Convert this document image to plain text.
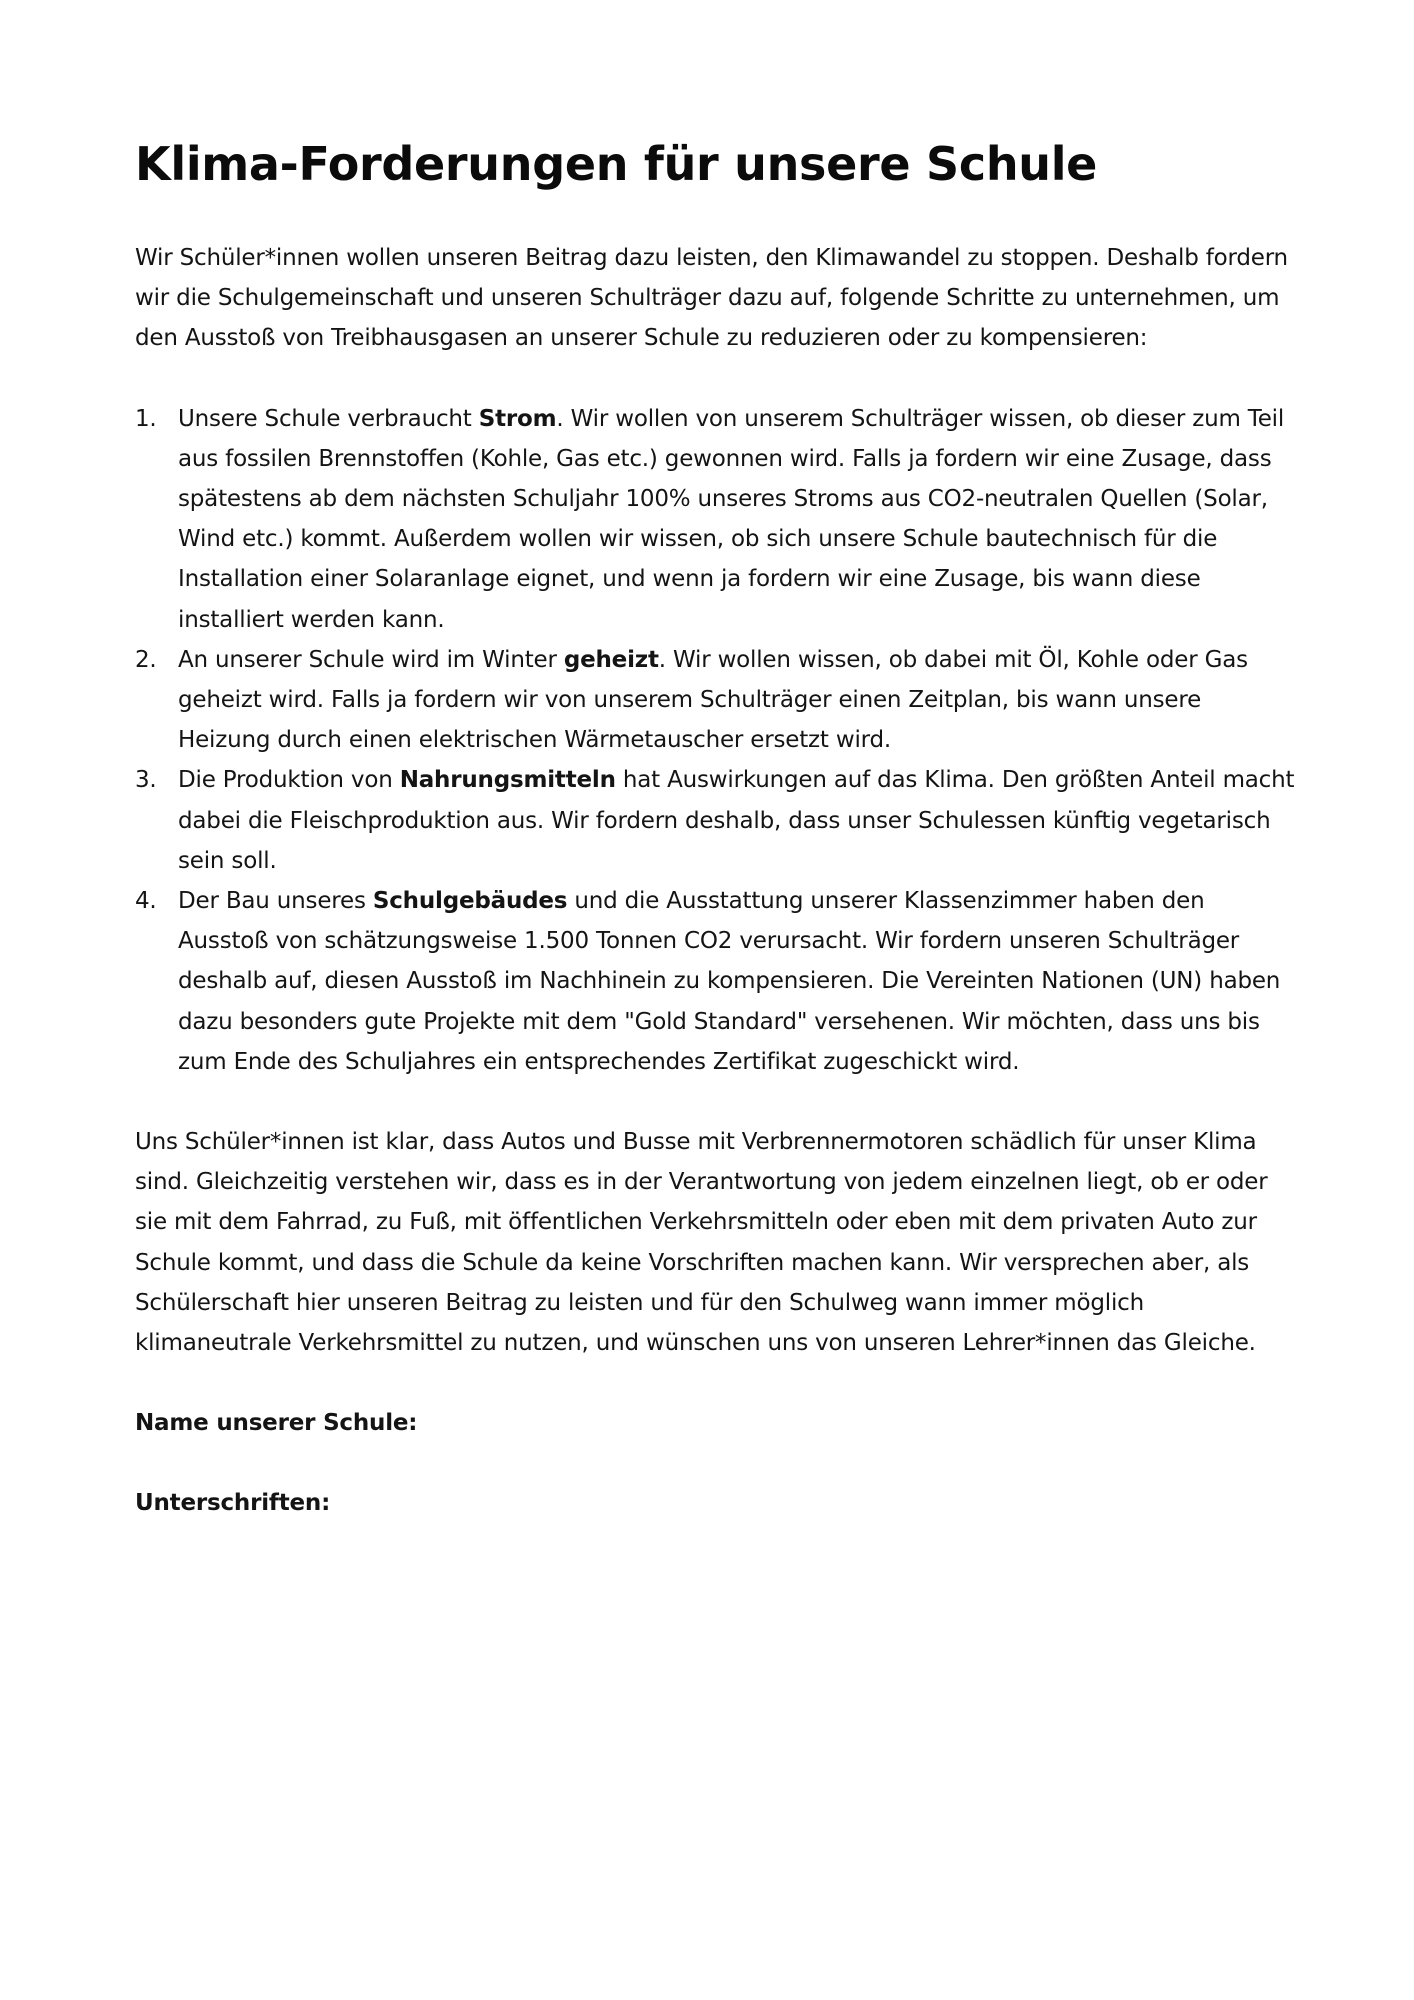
Klima-Forderungen für unsere Schule

Wir Schüler*innen wollen unseren Beitrag dazu leisten, den Klimawandel zu stoppen. Deshalb fordern wir die Schulgemeinschaft und unseren Schulträger dazu auf, folgende Schritte zu unternehmen, um den Ausstoß von Treibhausgasen an unserer Schule zu reduzieren oder zu kompensieren:

1. Unsere Schule verbraucht Strom. Wir wollen von unserem Schulträger wissen, ob dieser zum Teil aus fossilen Brennstoffen (Kohle, Gas etc.) gewonnen wird. Falls ja fordern wir eine Zusage, dass spätestens ab dem nächsten Schuljahr 100% unseres Stroms aus CO2-neutralen Quellen (Solar, Wind etc.) kommt. Außerdem wollen wir wissen, ob sich unsere Schule bautechnisch für die Installation einer Solaranlage eignet, und wenn ja fordern wir eine Zusage, bis wann diese installiert werden kann.
2. An unserer Schule wird im Winter geheizt. Wir wollen wissen, ob dabei mit Öl, Kohle oder Gas geheizt wird. Falls ja fordern wir von unserem Schulträger einen Zeitplan, bis wann unsere Heizung durch einen elektrischen Wärmetauscher ersetzt wird.
3. Die Produktion von Nahrungsmitteln hat Auswirkungen auf das Klima. Den größten Anteil macht dabei die Fleischproduktion aus. Wir fordern deshalb, dass unser Schulessen künftig vegetarisch sein soll.
4. Der Bau unseres Schulgebäudes und die Ausstattung unserer Klassenzimmer haben den Ausstoß von schätzungsweise 1.500 Tonnen CO2 verursacht. Wir fordern unseren Schulträger deshalb auf, diesen Ausstoß im Nachhinein zu kompensieren. Die Vereinten Nationen (UN) haben dazu besonders gute Projekte mit dem "Gold Standard" versehenen. Wir möchten, dass uns bis zum Ende des Schuljahres ein entsprechendes Zertifikat zugeschickt wird.

Uns Schüler*innen ist klar, dass Autos und Busse mit Verbrennermotoren schädlich für unser Klima sind. Gleichzeitig verstehen wir, dass es in der Verantwortung von jedem einzelnen liegt, ob er oder sie mit dem Fahrrad, zu Fuß, mit öffentlichen Verkehrsmitteln oder eben mit dem privaten Auto zur Schule kommt, und dass die Schule da keine Vorschriften machen kann. Wir versprechen aber, als Schülerschaft hier unseren Beitrag zu leisten und für den Schulweg wann immer möglich klimaneutrale Verkehrsmittel zu nutzen, und wünschen uns von unseren Lehrer*innen das Gleiche.

Name unserer Schule:

Unterschriften:
